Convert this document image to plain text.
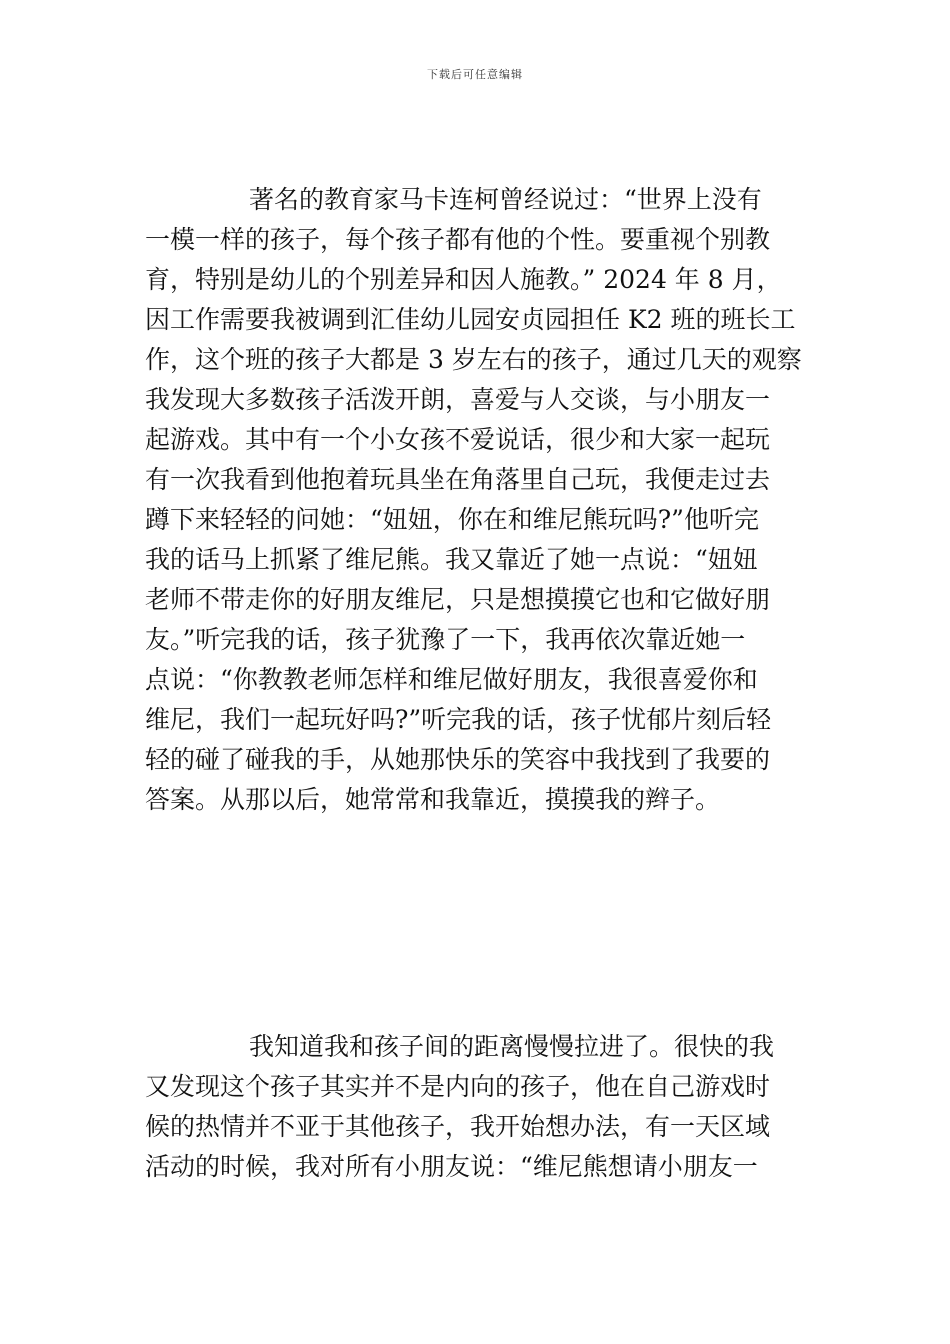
下载后可任意编辑
著名的教育家马卡连柯曾经说过：“世界上没有
一模一样的孩子，每个孩子都有他的个性。要重视个别教
育，特别是幼儿的个别差异和因人施教。” 2024 年 8 月，
因工作需要我被调到汇佳幼儿园安贞园担任 K2 班的班长工
作，这个班的孩子大都是 3 岁左右的孩子，通过几天的观察
我发现大多数孩子活泼开朗，喜爱与人交谈，与小朋友一
起游戏。其中有一个小女孩不爱说话，很少和大家一起玩
有一次我看到他抱着玩具坐在角落里自己玩，我便走过去
蹲下来轻轻的问她：“妞妞，你在和维尼熊玩吗?”他听完
我的话马上抓紧了维尼熊。我又靠近了她一点说：“妞妞
老师不带走你的好朋友维尼，只是想摸摸它也和它做好朋
友。”听完我的话，孩子犹豫了一下，我再依次靠近她一
点说：“你教教老师怎样和维尼做好朋友，我很喜爱你和
维尼，我们一起玩好吗?”听完我的话，孩子忧郁片刻后轻
轻的碰了碰我的手，从她那快乐的笑容中我找到了我要的
答案。从那以后，她常常和我靠近，摸摸我的辫子。
我知道我和孩子间的距离慢慢拉进了。很快的我
又发现这个孩子其实并不是内向的孩子，他在自己游戏时
候的热情并不亚于其他孩子，我开始想办法，有一天区域
活动的时候，我对所有小朋友说：“维尼熊想请小朋友一
